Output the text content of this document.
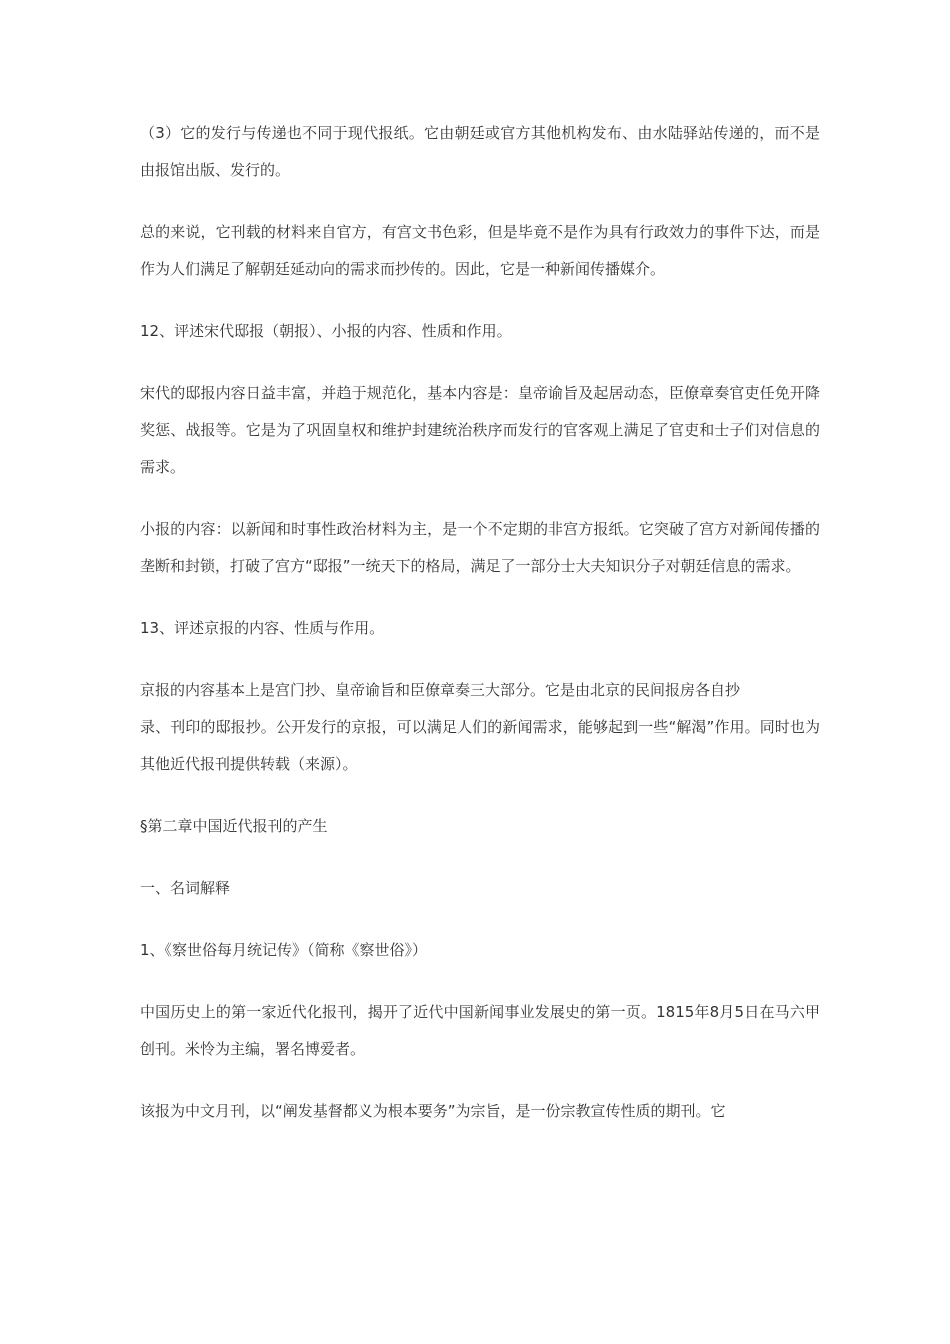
（3）它的发行与传递也不同于现代报纸。它由朝廷或官方其他机构发布、由水陆驿站传递的，而不是由报馆出版、发行的。

总的来说，它刊载的材料来自官方，有宫文书色彩，但是毕竟不是作为具有行政效力的事件下达，而是作为人们满足了解朝廷延动向的需求而抄传的。因此，它是一种新闻传播媒介。

12、评述宋代邸报（朝报）、小报的内容、性质和作用。

宋代的邸报内容日益丰富，并趋于规范化，基本内容是：皇帝谕旨及起居动态，臣僚章奏官吏任免开降奖惩、战报等。它是为了巩固皇权和维护封建统治秩序而发行的官客观上满足了官吏和士子们对信息的需求。

小报的内容：以新闻和时事性政治材料为主，是一个不定期的非宫方报纸。它突破了宫方对新闻传播的垄断和封锁，打破了宫方“邸报”一统天下的格局，满足了一部分士大夫知识分子对朝廷信息的需求。

13、评述京报的内容、性质与作用。

京报的内容基本上是宫门抄、皇帝谕旨和臣僚章奏三大部分。它是由北京的民间报房各自抄

录、刊印的邸报抄。公开发行的京报，可以满足人们的新闻需求，能够起到一些“解渴”作用。同时也为其他近代报刊提供转载（来源）。

§第二章中国近代报刊的产生

一、名词解释

1、《察世俗每月统记传》（简称《察世俗》）

中国历史上的第一家近代化报刊，揭开了近代中国新闻事业发展史的第一页。1815年8月5日在马六甲创刊。米怜为主编，署名博爱者。

该报为中文月刊，以“阐发基督都义为根本要务”为宗旨，是一份宗教宣传性质的期刊。它
